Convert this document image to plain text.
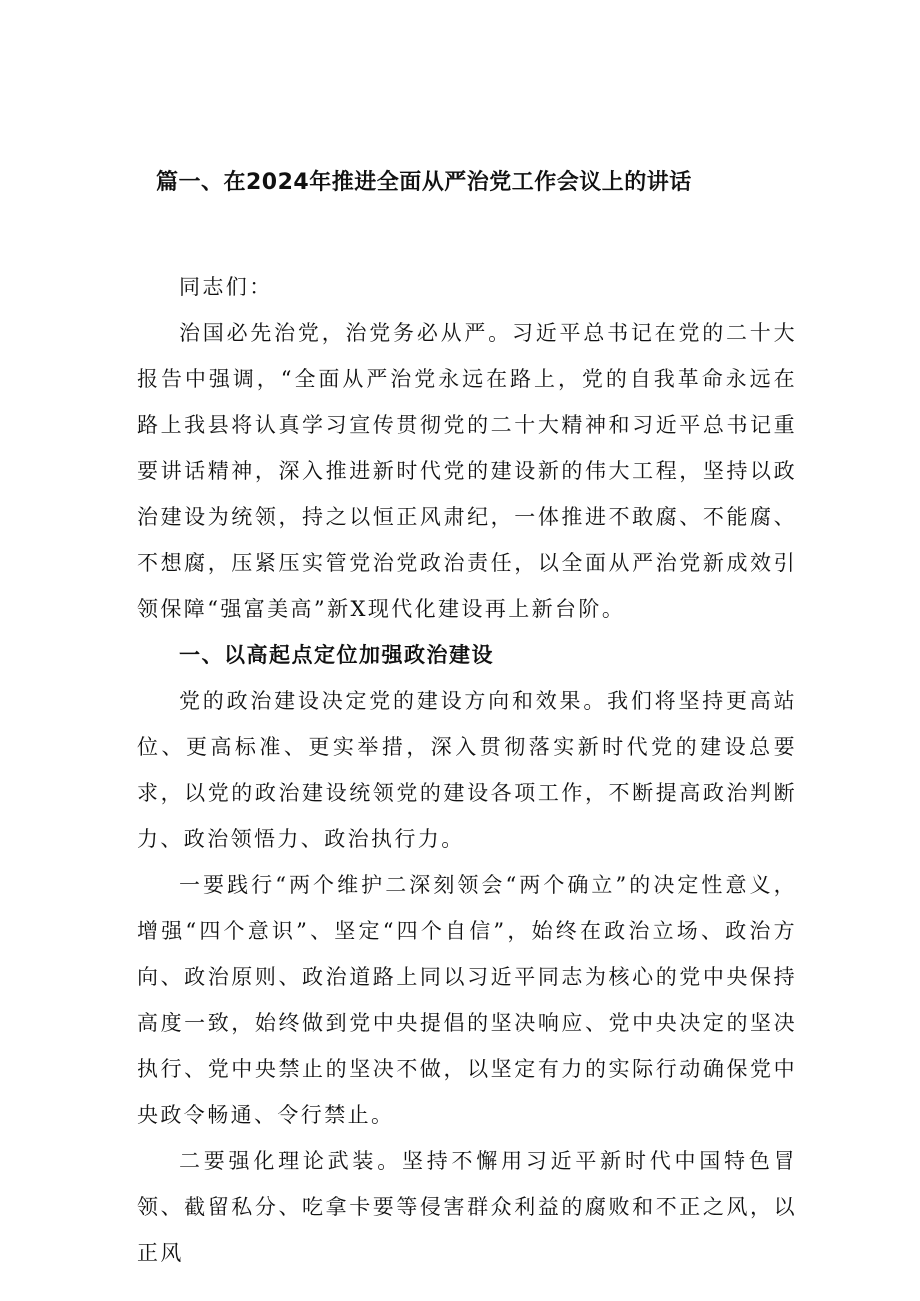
篇一、在2024年推进全面从严治党工作会议上的讲话

同志们：

治国必先治党，治党务必从严。习近平总书记在党的二十大报告中强调，“全面从严治党永远在路上，党的自我革命永远在路上我县将认真学习宣传贯彻党的二十大精神和习近平总书记重要讲话精神，深入推进新时代党的建设新的伟大工程，坚持以政治建设为统领，持之以恒正风肃纪，一体推进不敢腐、不能腐、不想腐，压紧压实管党治党政治责任，以全面从严治党新成效引领保障“强富美高”新X现代化建设再上新台阶。

一、以高起点定位加强政治建设

党的政治建设决定党的建设方向和效果。我们将坚持更高站位、更高标准、更实举措，深入贯彻落实新时代党的建设总要求，以党的政治建设统领党的建设各项工作，不断提高政治判断力、政治领悟力、政治执行力。

一要践行“两个维护二深刻领会“两个确立”的决定性意义，增强“四个意识”、坚定“四个自信”，始终在政治立场、政治方向、政治原则、政治道路上同以习近平同志为核心的党中央保持高度一致，始终做到党中央提倡的坚决响应、党中央决定的坚决执行、党中央禁止的坚决不做，以坚定有力的实际行动确保党中央政令畅通、令行禁止。

二要强化理论武装。坚持不懈用习近平新时代中国特色冒领、截留私分、吃拿卡要等侵害群众利益的腐败和不正之风，以正风
